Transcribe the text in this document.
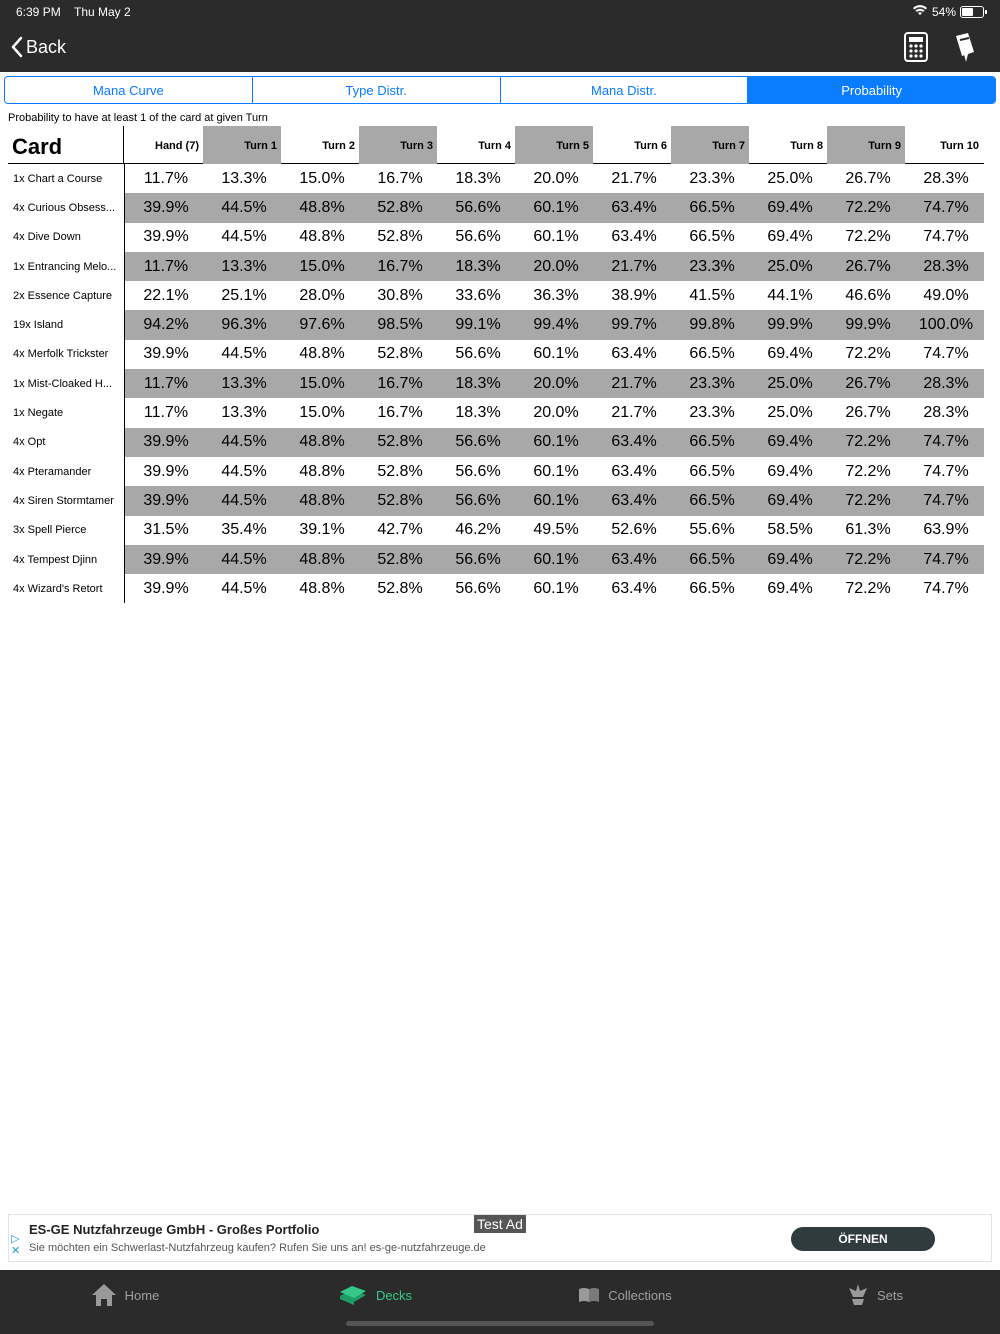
6:39 PM Thu May 2	54%
Back
Mana Curve	Type Distr.	Mana Distr.	Probability
Probability to have at least 1 of the card at given Turn
Card	Hand (7)	Turn 1	Turn 2	Turn 3	Turn 4	Turn 5	Turn 6	Turn 7	Turn 8	Turn 9	Turn 10
1x Chart a Course	11.7%	13.3%	15.0%	16.7%	18.3%	20.0%	21.7%	23.3%	25.0%	26.7%	28.3%
4x Curious Obsess...	39.9%	44.5%	48.8%	52.8%	56.6%	60.1%	63.4%	66.5%	69.4%	72.2%	74.7%
4x Dive Down	39.9%	44.5%	48.8%	52.8%	56.6%	60.1%	63.4%	66.5%	69.4%	72.2%	74.7%
1x Entrancing Melo...	11.7%	13.3%	15.0%	16.7%	18.3%	20.0%	21.7%	23.3%	25.0%	26.7%	28.3%
2x Essence Capture	22.1%	25.1%	28.0%	30.8%	33.6%	36.3%	38.9%	41.5%	44.1%	46.6%	49.0%
19x Island	94.2%	96.3%	97.6%	98.5%	99.1%	99.4%	99.7%	99.8%	99.9%	99.9%	100.0%
4x Merfolk Trickster	39.9%	44.5%	48.8%	52.8%	56.6%	60.1%	63.4%	66.5%	69.4%	72.2%	74.7%
1x Mist-Cloaked H...	11.7%	13.3%	15.0%	16.7%	18.3%	20.0%	21.7%	23.3%	25.0%	26.7%	28.3%
1x Negate	11.7%	13.3%	15.0%	16.7%	18.3%	20.0%	21.7%	23.3%	25.0%	26.7%	28.3%
4x Opt	39.9%	44.5%	48.8%	52.8%	56.6%	60.1%	63.4%	66.5%	69.4%	72.2%	74.7%
4x Pteramander	39.9%	44.5%	48.8%	52.8%	56.6%	60.1%	63.4%	66.5%	69.4%	72.2%	74.7%
4x Siren Stormtamer	39.9%	44.5%	48.8%	52.8%	56.6%	60.1%	63.4%	66.5%	69.4%	72.2%	74.7%
3x Spell Pierce	31.5%	35.4%	39.1%	42.7%	46.2%	49.5%	52.6%	55.6%	58.5%	61.3%	63.9%
4x Tempest Djinn	39.9%	44.5%	48.8%	52.8%	56.6%	60.1%	63.4%	66.5%	69.4%	72.2%	74.7%
4x Wizard's Retort	39.9%	44.5%	48.8%	52.8%	56.6%	60.1%	63.4%	66.5%	69.4%	72.2%	74.7%
▷
✕
ES-GE Nutzfahrzeuge GmbH - Großes Portfolio
Sie möchten ein Schwerlast-Nutzfahrzeug kaufen? Rufen Sie uns an! es-ge-nutzfahrzeuge.de
Test Ad
ÖFFNEN
Home	Decks	Collections	Sets
